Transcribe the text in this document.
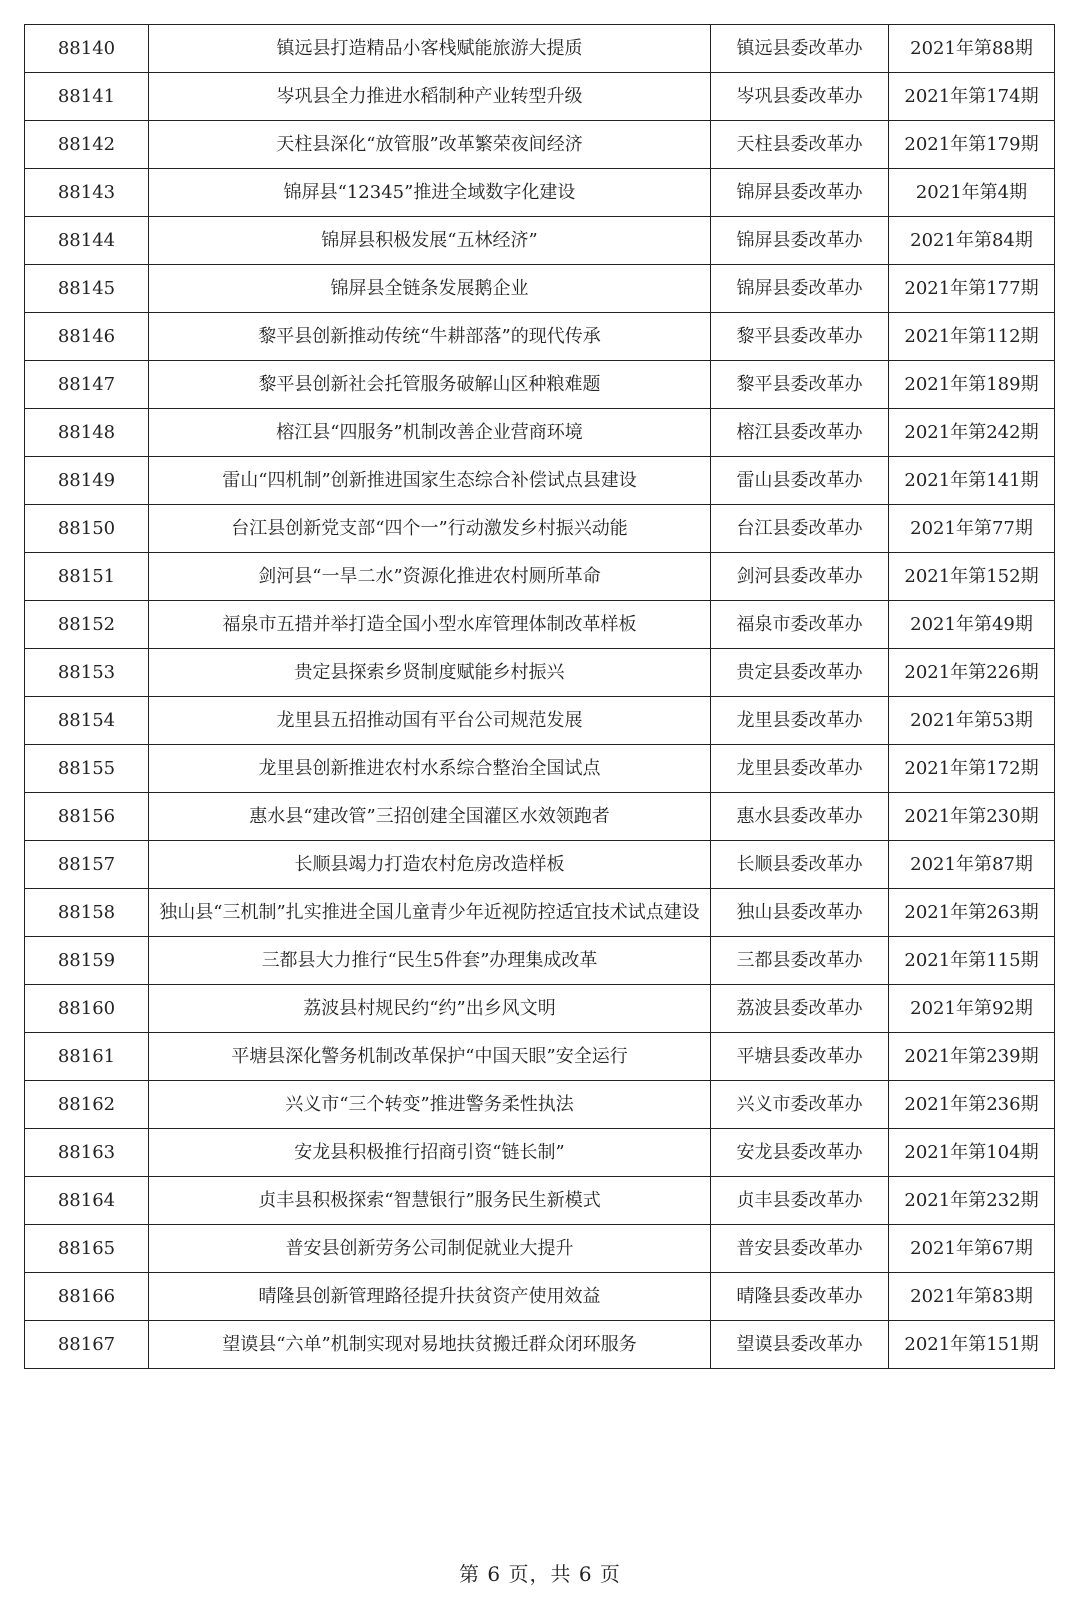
88140	镇远县打造精品小客栈赋能旅游大提质	镇远县委改革办	2021年第88期
88141	岑巩县全力推进水稻制种产业转型升级	岑巩县委改革办	2021年第174期
88142	天柱县深化“放管服”改革繁荣夜间经济	天柱县委改革办	2021年第179期
88143	锦屏县“12345”推进全域数字化建设	锦屏县委改革办	2021年第4期
88144	锦屏县积极发展“五林经济”	锦屏县委改革办	2021年第84期
88145	锦屏县全链条发展鹅企业	锦屏县委改革办	2021年第177期
88146	黎平县创新推动传统“牛耕部落”的现代传承	黎平县委改革办	2021年第112期
88147	黎平县创新社会托管服务破解山区种粮难题	黎平县委改革办	2021年第189期
88148	榕江县“四服务”机制改善企业营商环境	榕江县委改革办	2021年第242期
88149	雷山“四机制”创新推进国家生态综合补偿试点县建设	雷山县委改革办	2021年第141期
88150	台江县创新党支部“四个一”行动激发乡村振兴动能	台江县委改革办	2021年第77期
88151	剑河县“一旱二水”资源化推进农村厕所革命	剑河县委改革办	2021年第152期
88152	福泉市五措并举打造全国小型水库管理体制改革样板	福泉市委改革办	2021年第49期
88153	贵定县探索乡贤制度赋能乡村振兴	贵定县委改革办	2021年第226期
88154	龙里县五招推动国有平台公司规范发展	龙里县委改革办	2021年第53期
88155	龙里县创新推进农村水系综合整治全国试点	龙里县委改革办	2021年第172期
88156	惠水县“建改管”三招创建全国灌区水效领跑者	惠水县委改革办	2021年第230期
88157	长顺县竭力打造农村危房改造样板	长顺县委改革办	2021年第87期
88158	独山县“三机制”扎实推进全国儿童青少年近视防控适宜技术试点建设	独山县委改革办	2021年第263期
88159	三都县大力推行“民生5件套”办理集成改革	三都县委改革办	2021年第115期
88160	荔波县村规民约“约”出乡风文明	荔波县委改革办	2021年第92期
88161	平塘县深化警务机制改革保护“中国天眼”安全运行	平塘县委改革办	2021年第239期
88162	兴义市“三个转变”推进警务柔性执法	兴义市委改革办	2021年第236期
88163	安龙县积极推行招商引资“链长制”	安龙县委改革办	2021年第104期
88164	贞丰县积极探索“智慧银行”服务民生新模式	贞丰县委改革办	2021年第232期
88165	普安县创新劳务公司制促就业大提升	普安县委改革办	2021年第67期
88166	晴隆县创新管理路径提升扶贫资产使用效益	晴隆县委改革办	2021年第83期
88167	望谟县“六单”机制实现对易地扶贫搬迁群众闭环服务	望谟县委改革办	2021年第151期
第 6 页，共 6 页
